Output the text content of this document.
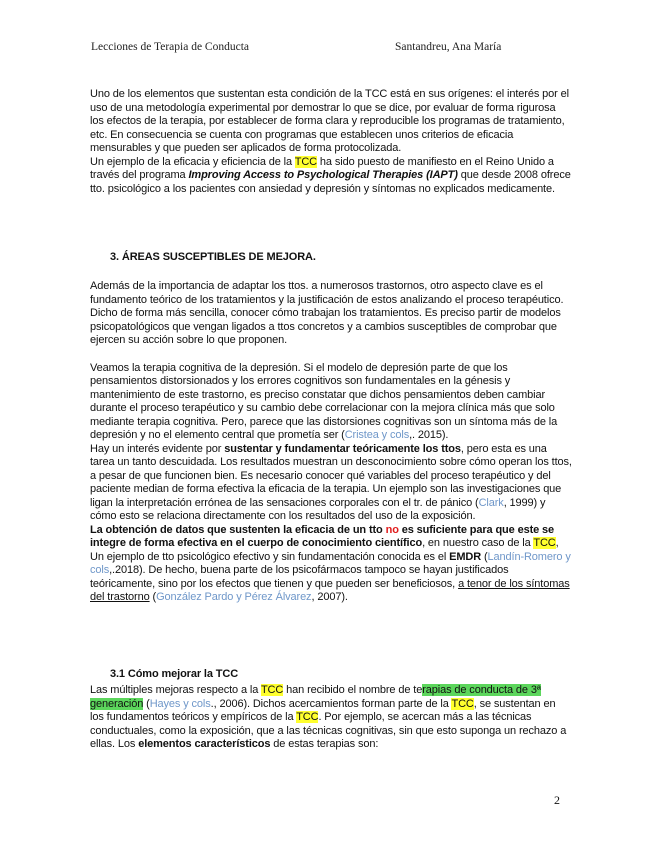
Lecciones de Terapia de Conducta	Santandreu, Ana María

Uno de los elementos que sustentan esta condición de la TCC está en sus orígenes: el interés por el uso de una metodología experimental por demostrar lo que se dice, por evaluar de forma rigurosa los efectos de la terapia, por establecer de forma clara y reproducible los programas de tratamiento, etc. En consecuencia se cuenta con programas que establecen unos criterios de eficacia mensurables y que pueden ser aplicados de forma protocolizada.

Un ejemplo de la eficacia y eficiencia de la TCC ha sido puesto de manifiesto en el Reino Unido a través del programa Improving Access to Psychological Therapies (IAPT) que desde 2008 ofrece tto. psicológico a los pacientes con ansiedad y depresión y síntomas no explicados medicamente.

3. ÁREAS SUSCEPTIBLES DE MEJORA.

Además de la importancia de adaptar los ttos. a numerosos trastornos, otro aspecto clave es el fundamento teórico de los tratamientos y la justificación de estos analizando el proceso terapéutico. Dicho de forma más sencilla, conocer cómo trabajan los tratamientos. Es preciso partir de modelos psicopatológicos que vengan ligados a ttos concretos y a cambios susceptibles de comprobar que ejercen su acción sobre lo que proponen.

Veamos la terapia cognitiva de la depresión. Si el modelo de depresión parte de que los pensamientos distorsionados y los errores cognitivos son fundamentales en la génesis y mantenimiento de este trastorno, es preciso constatar que dichos pensamientos deben cambiar durante el proceso terapéutico y su cambio debe correlacionar con la mejora clínica más que solo mediante terapia cognitiva. Pero, parece que las distorsiones cognitivas son un síntoma más de la depresión y no el elemento central que prometía ser (Cristea y cols,. 2015).

Hay un interés evidente por sustentar y fundamentar teóricamente los ttos, pero esta es una tarea un tanto descuidada. Los resultados muestran un desconocimiento sobre cómo operan los ttos, a pesar de que funcionen bien. Es necesario conocer qué variables del proceso terapéutico y del paciente median de forma efectiva la eficacia de la terapia. Un ejemplo son las investigaciones que ligan la interpretación errónea de las sensaciones corporales con el tr. de pánico (Clark, 1999) y cómo esto se relaciona directamente con los resultados del uso de la exposición.

La obtención de datos que sustenten la eficacia de un tto no es suficiente para que este se integre de forma efectiva en el cuerpo de conocimiento científico, en nuestro caso de la TCC, Un ejemplo de tto psicológico efectivo y sin fundamentación conocida es el EMDR (Landín-Romero y cols,.2018). De hecho, buena parte de los psicofármacos tampoco se hayan justificados teóricamente, sino por los efectos que tienen y que pueden ser beneficiosos, a tenor de los síntomas del trastorno (González Pardo y Pérez Álvarez, 2007).

3.1 Cómo mejorar la TCC

Las múltiples mejoras respecto a la TCC han recibido el nombre de terapias de conducta de 3ª generación (Hayes y cols., 2006). Dichos acercamientos forman parte de la TCC, se sustentan en los fundamentos teóricos y empíricos de la TCC. Por ejemplo, se acercan más a las técnicas conductuales, como la exposición, que a las técnicas cognitivas, sin que esto suponga un rechazo a ellas. Los elementos característicos de estas terapias son:

2
